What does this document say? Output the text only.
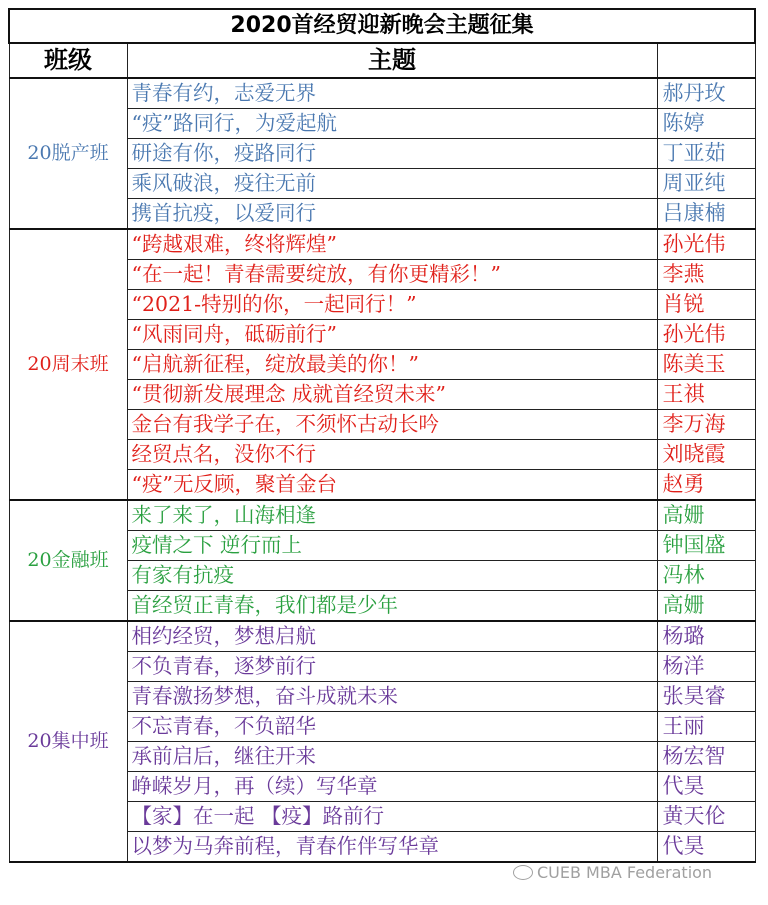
2020首经贸迎新晚会主题征集		
班级	主题	
20脱产班	青春有约，志爱无界	郝丹玫
	“疫”路同行，为爱起航	陈婷
	研途有你，疫路同行	丁亚茹
	乘风破浪，疫往无前	周亚纯
	携首抗疫，以爱同行	吕康楠
20周末班	“跨越艰难，终将辉煌”	孙光伟
	“在一起！青春需要绽放，有你更精彩！”	李燕
	“2021-特别的你，一起同行！”	肖锐
	“风雨同舟，砥砺前行”	孙光伟
	“启航新征程，绽放最美的你！”	陈美玉
	“贯彻新发展理念 成就首经贸未来”	王祺
	金台有我学子在，不须怀古动长吟	李万海
	经贸点名，没你不行	刘晓霞
	“疫”无反顾，聚首金台	赵勇
20金融班	来了来了，山海相逢	高姗
	疫情之下 逆行而上	钟国盛
	有家有抗疫	冯林
	首经贸正青春，我们都是少年	高姗
20集中班	相约经贸，梦想启航	杨璐
	不负青春，逐梦前行	杨洋
	青春激扬梦想，奋斗成就未来	张昊睿
	不忘青春，不负韶华	王丽
	承前启后，继往开来	杨宏智
	峥嵘岁月，再（续）写华章	代昊
	【家】在一起 【疫】路前行	黄天伦
	以梦为马奔前程，青春作伴写华章	代昊
CUEB MBA Federation
